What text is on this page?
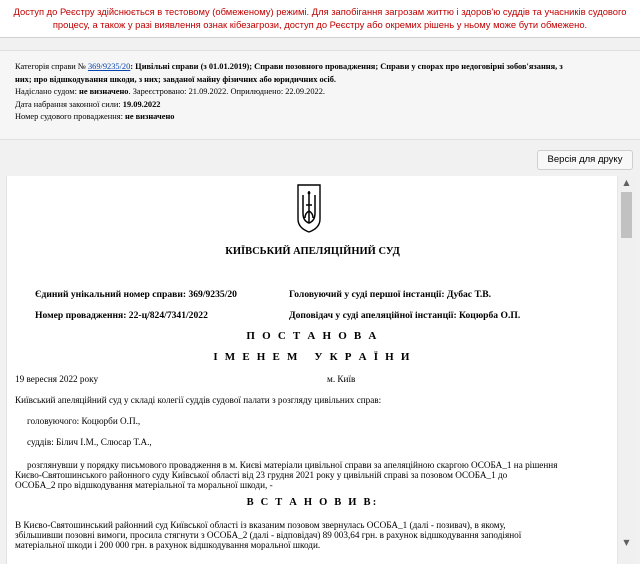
Доступ до Реєстру здійснюється в тестовому (обмеженому) режимі. Для запобігання загрозам життю і здоров'ю суддів та учасників судового
процесу, а також у разі виявлення ознак кібезагрози, доступ до Реєстру або окремих рішень у ньому може бути обмежено.
Категорія справи № 369/9235/20: Цивільні справи (з 01.01.2019); Справи позовного провадження; Справи у спорах про недоговірні зобов'язання, з
них; про відшкодування шкоди, з них; завданої майну фізичних або юридичних осіб.
Надіслано судом: не визначено. Зареєстровано: 21.09.2022. Оприлюднено: 22.09.2022.
Дата набрання законної сили: 19.09.2022
Номер судового провадження: не визначено
Версія для друку
КИЇВСЬКИЙ АПЕЛЯЦІЙНИЙ СУД
Єдиний унікальний номер справи: 369/9235/20	Головуючий у суді першої інстанції: Дубас Т.В.
Номер провадження: 22-ц/824/7341/2022	Доповідач у суді апеляційної інстанції: Коцюрба О.П.
П О С Т А Н О В А
І М Е Н Е М   У К Р А Ї Н И
19 вересня 2022 року	м. Київ
Київський апеляційний суд у складі колегії суддів судової палати з розгляду цивільних справ:
головуючого: Коцюрби О.П.,
суддів: Білич І.М., Слюсар Т.А.,
розглянувши у порядку письмового провадження в м. Києві матеріали цивільної справи за апеляційною скаргою ОСОБА_1 на рішення
Києво-Святошинського районного суду Київської області від 23 грудня 2021 року у цивільній справі за позовом ОСОБА_1 до
ОСОБА_2 про відшкодування матеріальної та моральної шкоди, -
В С Т А Н О В И В:
В Києво-Святошинський районний суд Київської області із вказаним позовом звернулась ОСОБА_1 (далі - позивач), в якому,
збільшивши позовні вимоги, просила стягнути з ОСОБА_2 (далі - відповідач) 89 003,64 грн. в рахунок відшкодування заподіяної
матеріальної шкоди і 200 000 грн. в рахунок відшкодування моральної шкоди.
▲
▼
